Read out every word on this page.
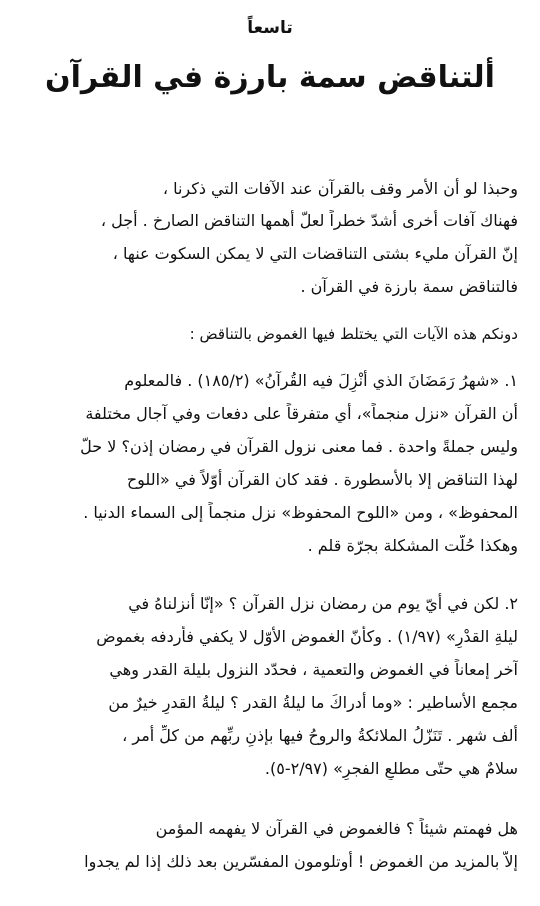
تاسعاً
ألتناقض سمة بارزة في القرآن
وحبذا لو أن الأمر وقف بالقرآن عند الآفات التي ذكرنا ،
فهناك آفات أخرى أشدّ خطراً لعلّ أهمها التناقض الصارخ . أجل ،
إنّ القرآن مليء بشتى التناقضات التي لا يمكن السكوت عنها ،
فالتناقض سمة بارزة في القرآن .
دونكم هذه الآيات التي يختلط فيها الغموض بالتناقض :
١. «شهرُ رَمَضَانَ الذي أُنْزِلَ فيه القُرآنُ» (١٨٥/٢) . فالمعلوم
أن القرآن «نزل منجماً»، أي متفرقاً على دفعات وفي آجال مختلفة
وليس جملةً واحدة . فما معنى نزول القرآن في رمضان إذن؟ لا حلّ
لهذا التناقض إلا بالأسطورة . فقد كان القرآن أوّلاً في «اللوح
المحفوظ» ، ومن «اللوح المحفوظ» نزل منجماً إلى السماء الدنيا .
وهكذا حُلّت المشكلة بجرّة قلم .
٢. لكن في أيّ يوم من رمضان نزل القرآن ؟ «إنّا أنزلناهُ في
ليلةِ القدْرِ» (١/٩٧) . وكأنّ الغموض الأوّل لا يكفي فأردفه بغموض
آخر إمعاناً في الغموض والتعمية ، فحدّد النزول بليلة القدر وهي
مجمع الأساطير : «وما أدراكَ ما ليلةُ القدر ؟ ليلةُ القدرِ خيرٌ من
ألف شهر . تَنَزّلُ الملائكةُ والروحُ فيها بإذنِ ربِّهم من كلِّ أمر ،
سلامٌ هي حتّى مطلعِ الفجرِ» (٢/٩٧-٥).
هل فهمتم شيئاً ؟ فالغموض في القرآن لا يفهمه المؤمن
إلاّ بالمزيد من الغموض ! أوتلومون المفسّرين بعد ذلك إذا لم يجدوا
